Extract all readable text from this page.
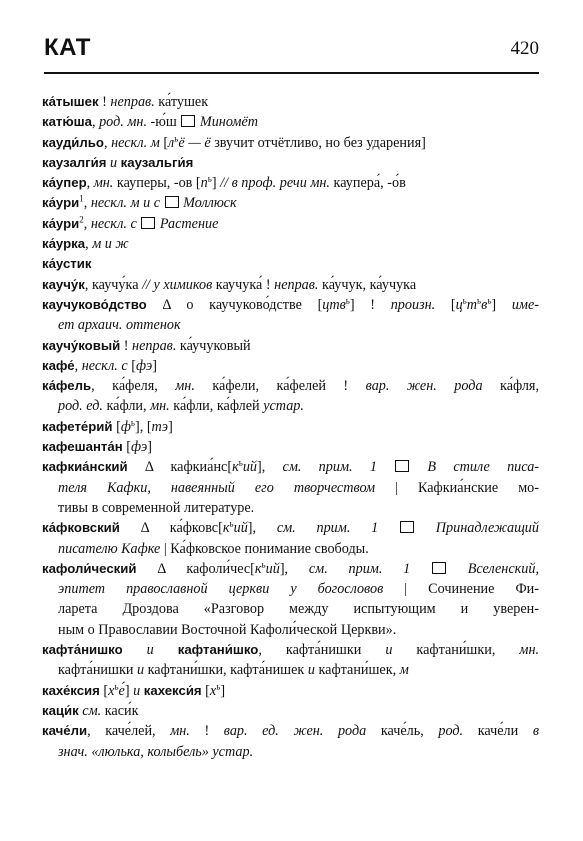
КАТ	420
ка́тышек ! неправ. ка́тушек
катю́ша, род. мн. -ю́ш  Миномёт
кауди́льо, нескл. м [$л^ьё$ — ё звучит отчётливо, но без ударения]
каузалги́я и каузальги́я
ка́упер, мн. кауперы, -ов $[п^ь]$ // в проф. речи мн. каупера́, -о́в
ка́ури$^1$, нескл. м и с  Моллюск
ка́ури$^2$, нескл. с  Растение
ка́урка, м и ж
ка́устик
каучу́к, каучу́ка // у химиков каучука́ ! неправ. ка́учук, ка́учука
каучуково́дство Δ о каучуково́дстве [цтв$^ь$] ! произн. $[ц^ьт^ьв^ь]$ име-
ет архаич. оттенок
каучу́ковый ! неправ. ка́учуковый
кафе́, нескл. с [фэ]
ка́фель, ка́феля, мн. ка́фели, ка́фелей ! вар. жен. рода ка́фля,
род. ед. ка́фли, мн. ка́фли, ка́флей устар.
кафете́рий $[ф^ь]$, [тэ]
кафешанта́н [фэ]
кафкиа́нский Δ $кафкиа́нс[к^ьий]$, см. прим. 1  В стиле писа-
теля Кафки, навеянный его творчеством | Кафкиа́нские мо-
тивы в современной литературе.
ка́фковский Δ $ка́фковс[к^ьий]$, см. прим. 1  Принадлежащий
писателю Кафке | Ка́фковское понимание свободы.
кафоли́ческий Δ $кафоли́чес[к^ьий]$, см. прим. 1  Вселенский,
эпитет православной церкви у богословов | Сочинение Фи-
ларета Дроздова «Разговор между испытующим и уверен-
ным о Православии Восточной Кафоли́ческой Церкви».
кафта́нишко и кафтани́шко, кафта́нишки и кафтани́шки, мн.
кафта́нишки и кафтани́шки, кафта́нишек и кафтани́шек, м
кахе́ксия $[х^ье́]$ и кахекси́я $[х^ь]$
каци́к см. каси́к
каче́ли, каче́лей, мн. ! вар. ед. жен. рода каче́ль, род. каче́ли в
знач. «люлька, колыбель» устар.
